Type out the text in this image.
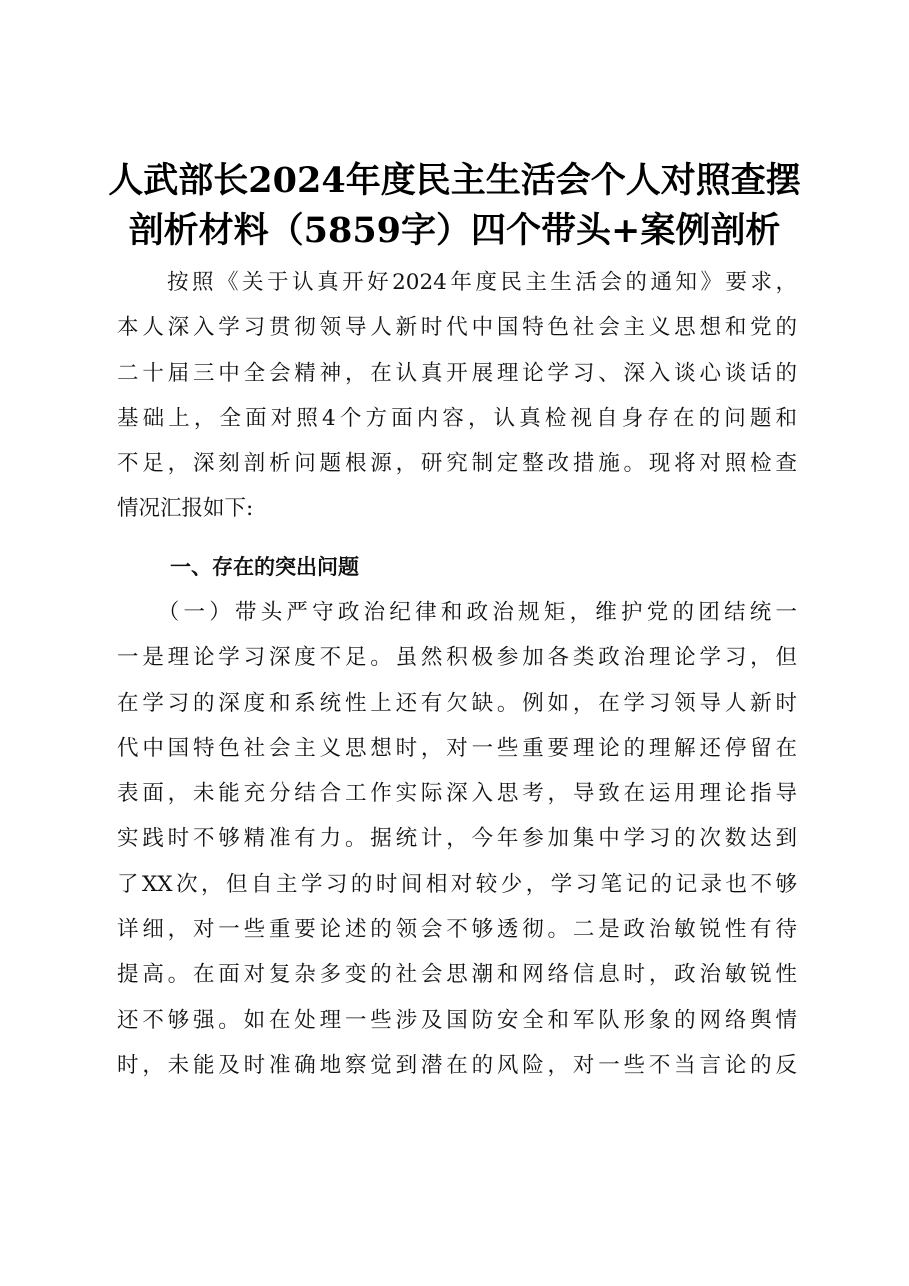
人武部长2024年度民主生活会个人对照查摆
剖析材料（5859字）四个带头+案例剖析
　　按照《关于认真开好2024年度民主生活会的通知》要求，
本人深入学习贯彻领导人新时代中国特色社会主义思想和党的
二十届三中全会精神，在认真开展理论学习、深入谈心谈话的
基础上，全面对照4个方面内容，认真检视自身存在的问题和
不足，深刻剖析问题根源，研究制定整改措施。现将对照检查
情况汇报如下:
一、存在的突出问题
　　（一）带头严守政治纪律和政治规矩，维护党的团结统一
一是理论学习深度不足。虽然积极参加各类政治理论学习，但
在学习的深度和系统性上还有欠缺。例如，在学习领导人新时
代中国特色社会主义思想时，对一些重要理论的理解还停留在
表面，未能充分结合工作实际深入思考，导致在运用理论指导
实践时不够精准有力。据统计，今年参加集中学习的次数达到
了XX次，但自主学习的时间相对较少，学习笔记的记录也不够
详细，对一些重要论述的领会不够透彻。二是政治敏锐性有待
提高。在面对复杂多变的社会思潮和网络信息时，政治敏锐性
还不够强。如在处理一些涉及国防安全和军队形象的网络舆情
时，未能及时准确地察觉到潜在的风险，对一些不当言论的反
